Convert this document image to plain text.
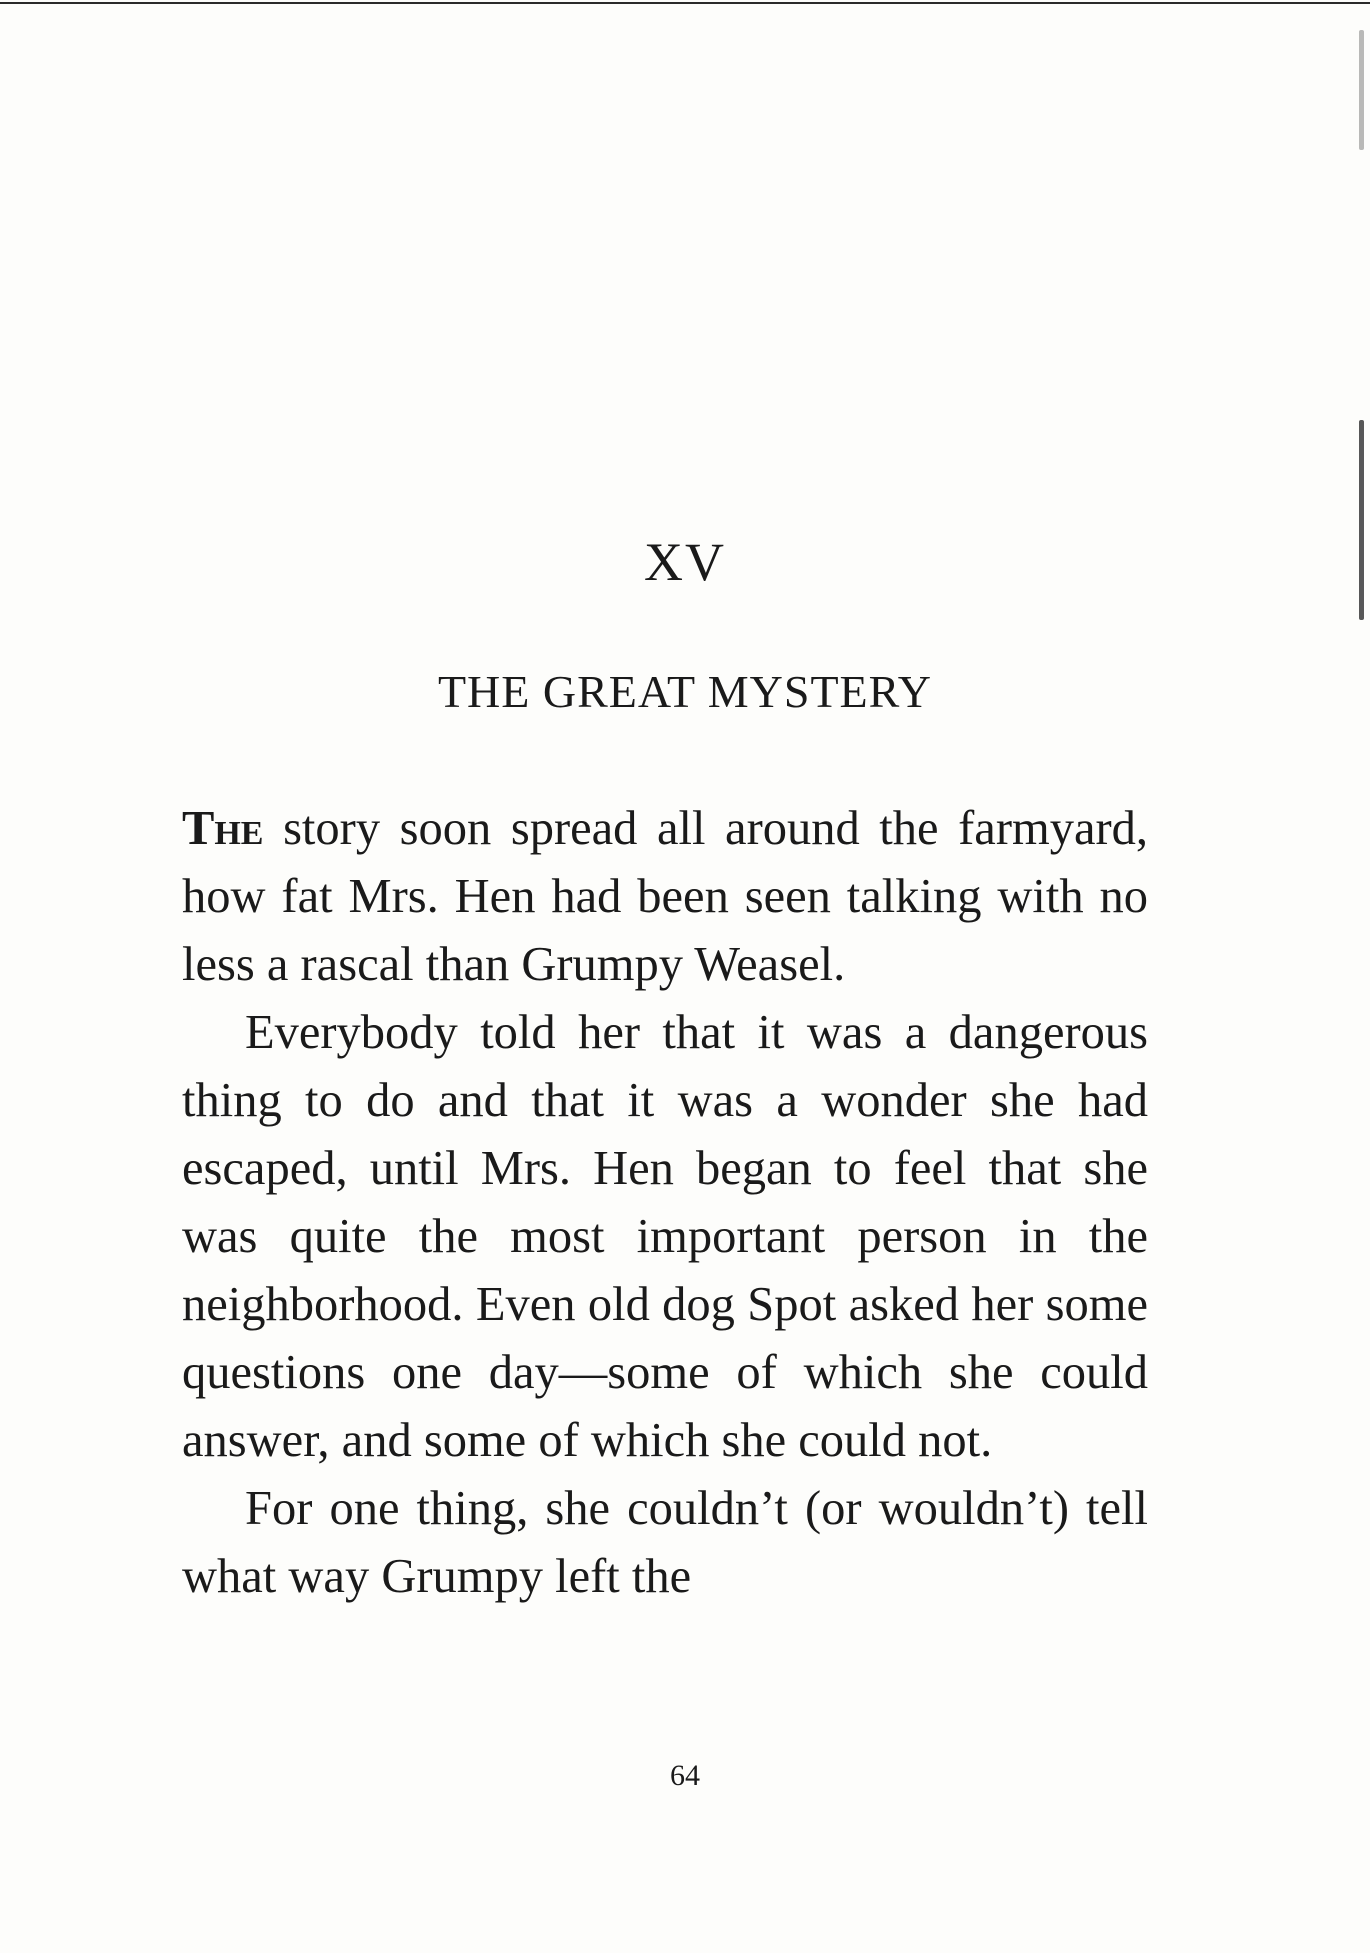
XV
THE GREAT MYSTERY

The story soon spread all around the farmyard, how fat Mrs. Hen had been seen talking with no less a rascal than Grumpy Weasel.

Everybody told her that it was a dangerous thing to do and that it was a wonder she had escaped, until Mrs. Hen began to feel that she was quite the most important person in the neighborhood. Even old dog Spot asked her some questions one day—some of which she could answer, and some of which she could not.

For one thing, she couldn’t (or wouldn’t) tell what way Grumpy left the

64
